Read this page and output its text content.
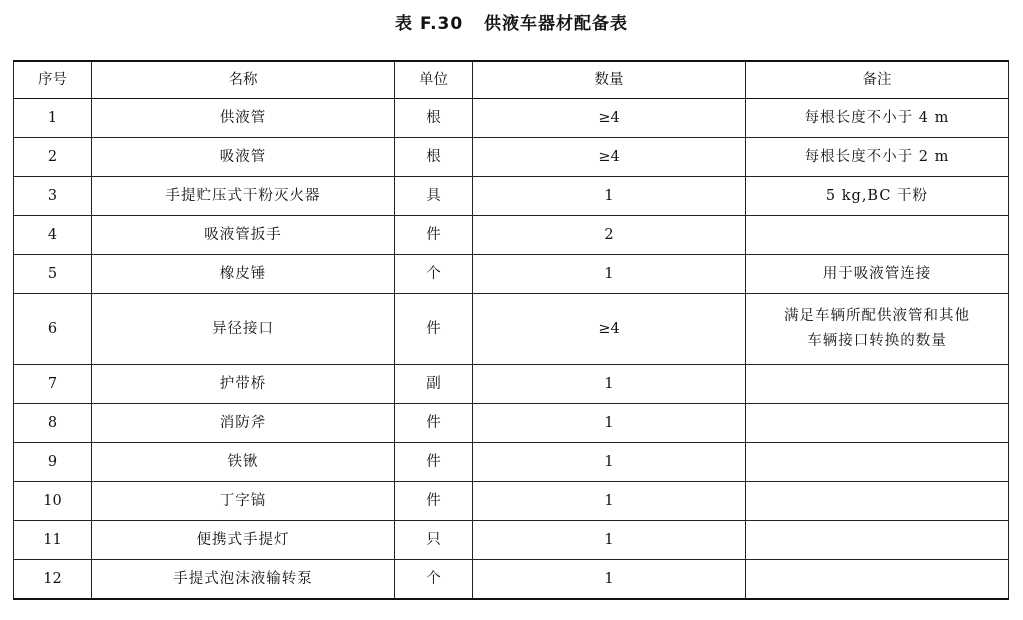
表 F.30   供液车器材配备表
序号	名称	单位	数量	备注
1	供液管	根	≥4	每根长度不小于 4 m

2	吸液管	根	≥4	每根长度不小于 2 m

3	手提贮压式干粉灭火器	具	1	5 kg,BC 干粉

4	吸液管扳手	件	2	

5	橡皮锤	个	1	用于吸液管连接

6	异径接口	件	≥4	满足车辆所配供液管和其他
车辆接口转换的数量

7	护带桥	副	1	

8	消防斧	件	1	

9	铁锹	件	1	

10	丁字镐	件	1	

11	便携式手提灯	只	1	

12	手提式泡沫液输转泵	个	1	
